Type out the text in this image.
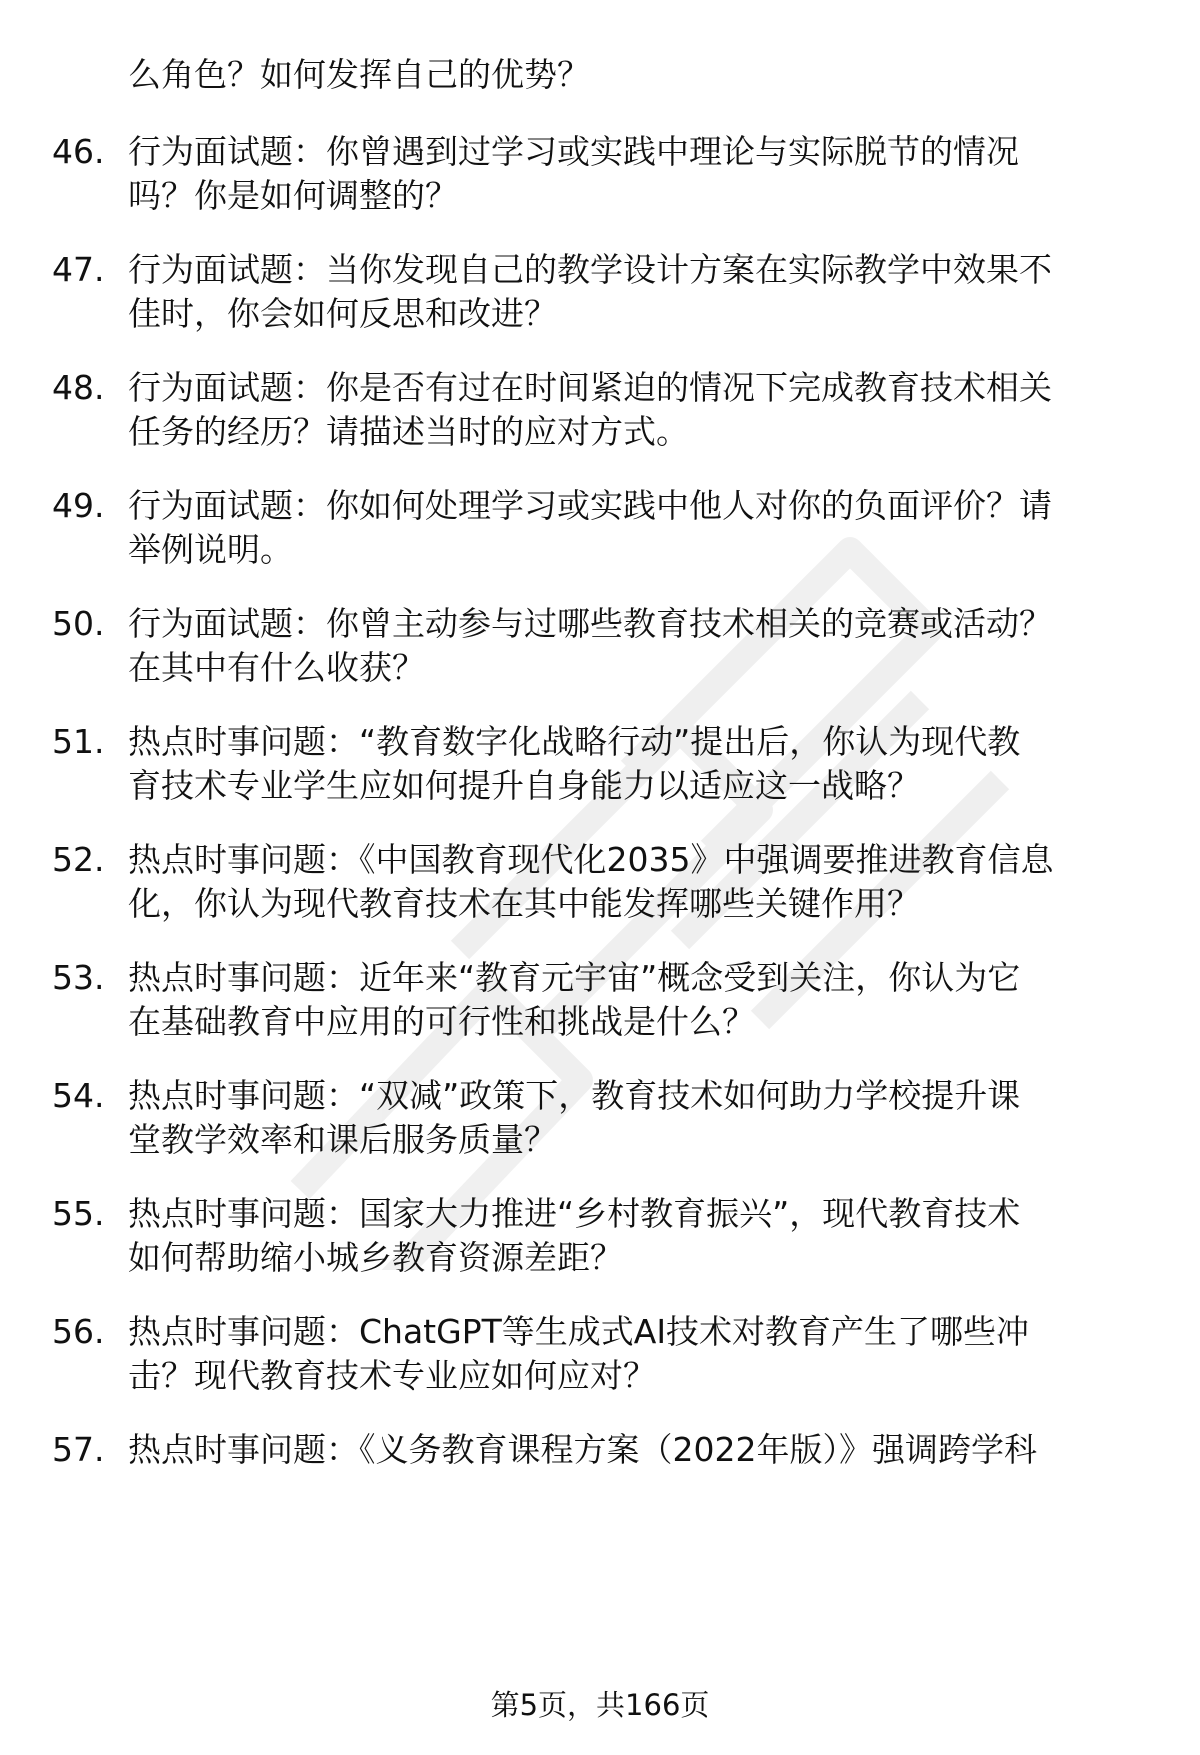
么角色？如何发挥自己的优势？
46. 行为面试题：你曾遇到过学习或实践中理论与实际脱节的情况
吗？你是如何调整的？
47. 行为面试题：当你发现自己的教学设计方案在实际教学中效果不
佳时，你会如何反思和改进？
48. 行为面试题：你是否有过在时间紧迫的情况下完成教育技术相关
任务的经历？请描述当时的应对方式。
49. 行为面试题：你如何处理学习或实践中他人对你的负面评价？请
举例说明。
50. 行为面试题：你曾主动参与过哪些教育技术相关的竞赛或活动？
在其中有什么收获？
51. 热点时事问题：“教育数字化战略行动”提出后，你认为现代教
育技术专业学生应如何提升自身能力以适应这一战略？
52. 热点时事问题：《中国教育现代化2035》中强调要推进教育信息
化，你认为现代教育技术在其中能发挥哪些关键作用？
53. 热点时事问题：近年来“教育元宇宙”概念受到关注，你认为它
在基础教育中应用的可行性和挑战是什么？
54. 热点时事问题：“双减”政策下，教育技术如何助力学校提升课
堂教学效率和课后服务质量？
55. 热点时事问题：国家大力推进“乡村教育振兴”，现代教育技术
如何帮助缩小城乡教育资源差距？
56. 热点时事问题：ChatGPT等生成式AI技术对教育产生了哪些冲
击？现代教育技术专业应如何应对？
57. 热点时事问题：《义务教育课程方案（2022年版）》强调跨学科
第5页，共166页
